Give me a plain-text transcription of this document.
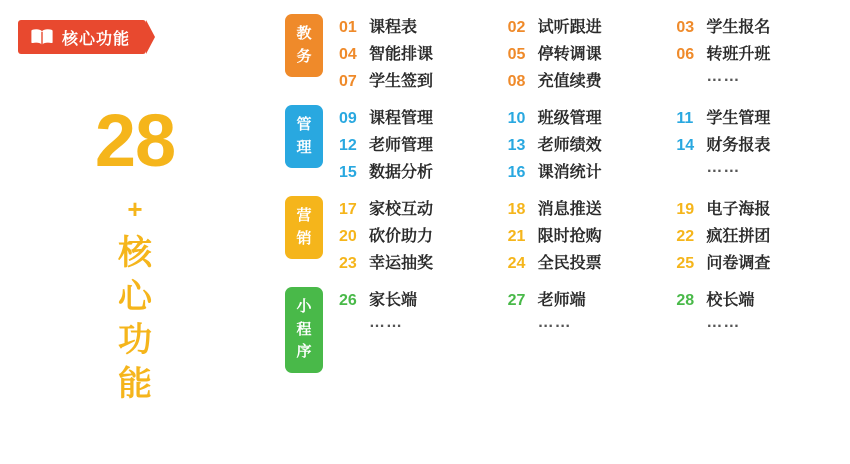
核心功能
28
+
核
心
功
能
教
务
01 课程表	02 试听跟进	03 学生报名
04 智能排课	05 停转调课	06 转班升班
07 学生签到	08 充值续费	……
管
理
09 课程管理	10 班级管理	11 学生管理
12 老师管理	13 老师绩效	14 财务报表
15 数据分析	16 课消统计	……
营
销
17 家校互动	18 消息推送	19 电子海报
20 砍价助力	21 限时抢购	22 疯狂拼团
23 幸运抽奖	24 全民投票	25 问卷调查
小
程
序
26 家长端	27 老师端	28 校长端
……	……	……
